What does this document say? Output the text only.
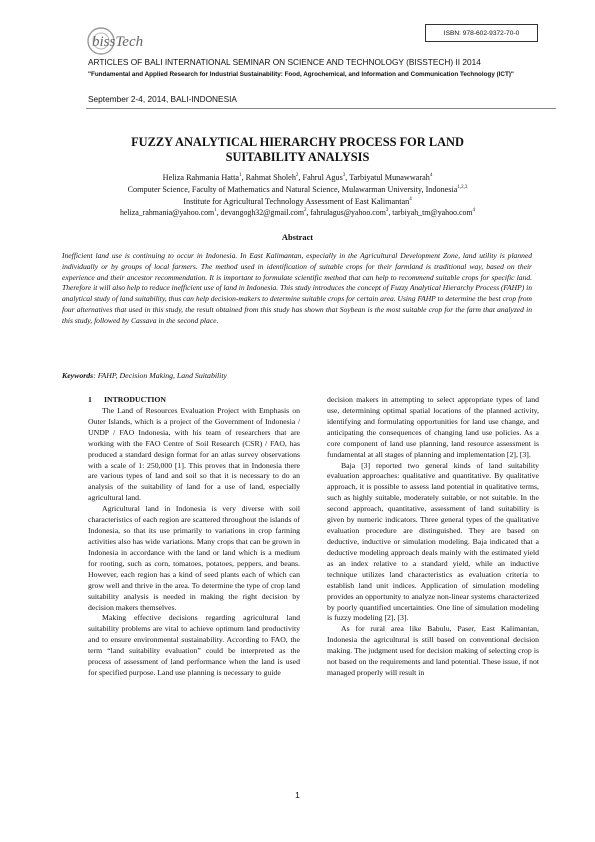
bissTech
ISBN: 978-602-9372-70-0
ARTICLES OF BALI INTERNATIONAL SEMINAR ON SCIENCE AND TECHNOLOGY (BISSTECH) II 2014
"Fundamental and Applied Research for Industrial Sustainability: Food, Agrochemical, and Information and Communication Technology (ICT)"
September 2-4, 2014, BALI-INDONESIA
FUZZY ANALYTICAL HIERARCHY PROCESS FOR LAND
SUITABILITY ANALYSIS
Heliza Rahmania Hatta$^1$, Rahmat Sholeh$^2$, Fahrul Agus$^3$, Tarbiyatul Munawwarah$^4$
Computer Science, Faculty of Mathematics and Natural Science, Mulawarman University, Indonesia$^{1,2,3}$
Institute for Agricultural Technology Assessment of East Kalimantan$^4$
heliza_rahmania@yahoo.com$^1$, devangogh32@gmail.com$^2$, fahrulagus@yahoo.com$^3$, tarbiyah_tm@yahoo.com$^4$
Abstract
Inefficient land use is continuing to occur in Indonesia. In East Kalimantan, especially in the Agricultural Development Zone, land utility is planned individually or by groups of local farmers. The method used in identification of suitable crops for their farmland is traditional way, based on their experience and their ancestor recommendation. It is important to formulate scientific method that can help to recommend suitable crops for specific land. Therefore it will also help to reduce inefficient use of land in Indonesia. This study introduces the concept of Fuzzy Analytical Hierarchy Process (FAHP) in analytical study of land suitability, thus can help decision-makers to determine suitable crops for certain area. Using FAHP to determine the best crop from four alternatives that used in this study, the result obtained from this study has shown that Soybean is the most suitable crop for the farm that analyzed in this study, followed by Cassava in the second place.
Keywords: FAHP, Decision Making, Land Suitability

1 INTRODUCTION

The Land of Resources Evaluation Project with Emphasis on Outer Islands, which is a project of the Government of Indonesia / UNDP / FAO Indonesia, with his team of researchers that are working with the FAO Centre of Soil Research (CSR) / FAO, has produced a standard design format for an atlas survey observations with a scale of 1: 250,000 [1]. This proves that in Indonesia there are various types of land and soil so that it is necessary to do an analysis of the suitability of land for a use of land, especially agricultural land.

Agricultural land in Indonesia is very diverse with soil characteristics of each region are scattered throughout the islands of Indonesia, so that its use primarily to variations in crop farming activities also has wide variations. Many crops that can be grown in Indonesia in accordance with the land or land which is a medium for rooting, such as corn, tomatoes, potatoes, peppers, and beans. However, each region has a kind of seed plants each of which can grow well and thrive in the area. To determine the type of crop land suitability analysis is needed in making the right decision by decision makers themselves.

Making effective decisions regarding agricultural land suitability problems are vital to achieve optimum land productivity and to ensure environmental sustainability. According to FAO, the term “land suitability evaluation” could be interpreted as the process of assessment of land performance when the land is used for specified purpose. Land use planning is necessary to guide

decision makers in attempting to select appropriate types of land use, determining optimal spatial locations of the planned activity, identifying and formulating opportunities for land use change, and anticipating the consequences of changing land use policies. As a core component of land use planning, land resource assessment is fundamental at all stages of planning and implementation [2], [3].

Baja [3] reported two general kinds of land suitability evaluation approaches: qualitative and quantitative. By qualitative approach, it is possible to assess land potential in qualitative terms, such as highly suitable, moderately suitable, or not suitable. In the second approach, quantitative, assessment of land suitability is given by numeric indicators. Three general types of the qualitative evaluation procedure are distinguished. They are based on deductive, inductive or simulation modeling. Baja indicated that a deductive modeling approach deals mainly with the estimated yield as an index relative to a standard yield, while an inductive technique utilizes land characteristics as evaluation criteria to establish land unit indices. Application of simulation modeling provides an opportunity to analyze non-linear systems characterized by poorly quantified uncertainties. One line of simulation modeling is fuzzy modeling [2], [3].

As for rural area like Babulu, Paser, East Kalimantan, Indonesia the agricultural is still based on conventional decision making. The judgment used for decision making of selecting crop is not based on the requirements and land potential. These issue, if not managed properly will result in

1
